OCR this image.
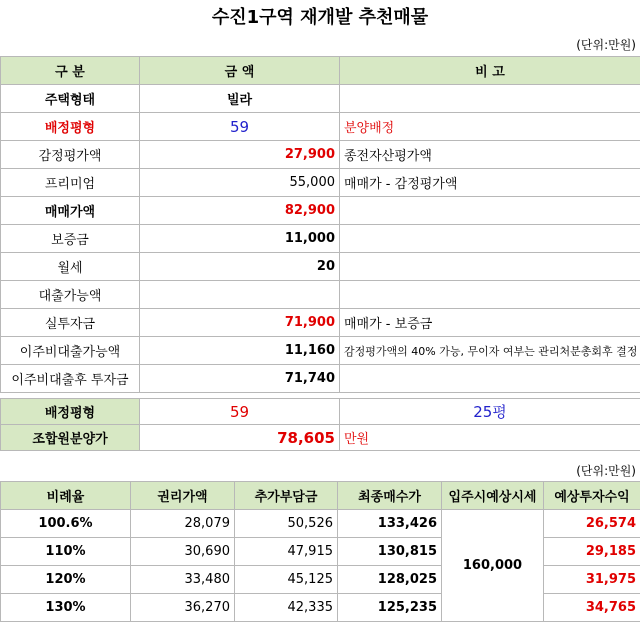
수진1구역 재개발 추천매물
(단위:만원)
구 분	금 액	비 고
주택형태	빌라	
배정평형	59	분양배정
감정평가액	27,900	종전자산평가액
프리미엄	55,000	매매가 - 감정평가액
매매가액	82,900	
보증금	11,000	
월세	20	
대출가능액		
실투자금	71,900	매매가 - 보증금
이주비대출가능액	11,160	감정평가액의 40% 가능, 무이자 여부는 관리처분총회후 결정
이주비대출후 투자금	71,740	
배정평형	59	25평
조합원분양가	78,605	만원
(단위:만원)
비례율	권리가액	추가부담금	최종매수가	입주시예상시세	예상투자수익
100.6%	28,079	50,526	133,426	160,000	26,574
110%	30,690	47,915	130,815		29,185
120%	33,480	45,125	128,025		31,975
130%	36,270	42,335	125,235		34,765
